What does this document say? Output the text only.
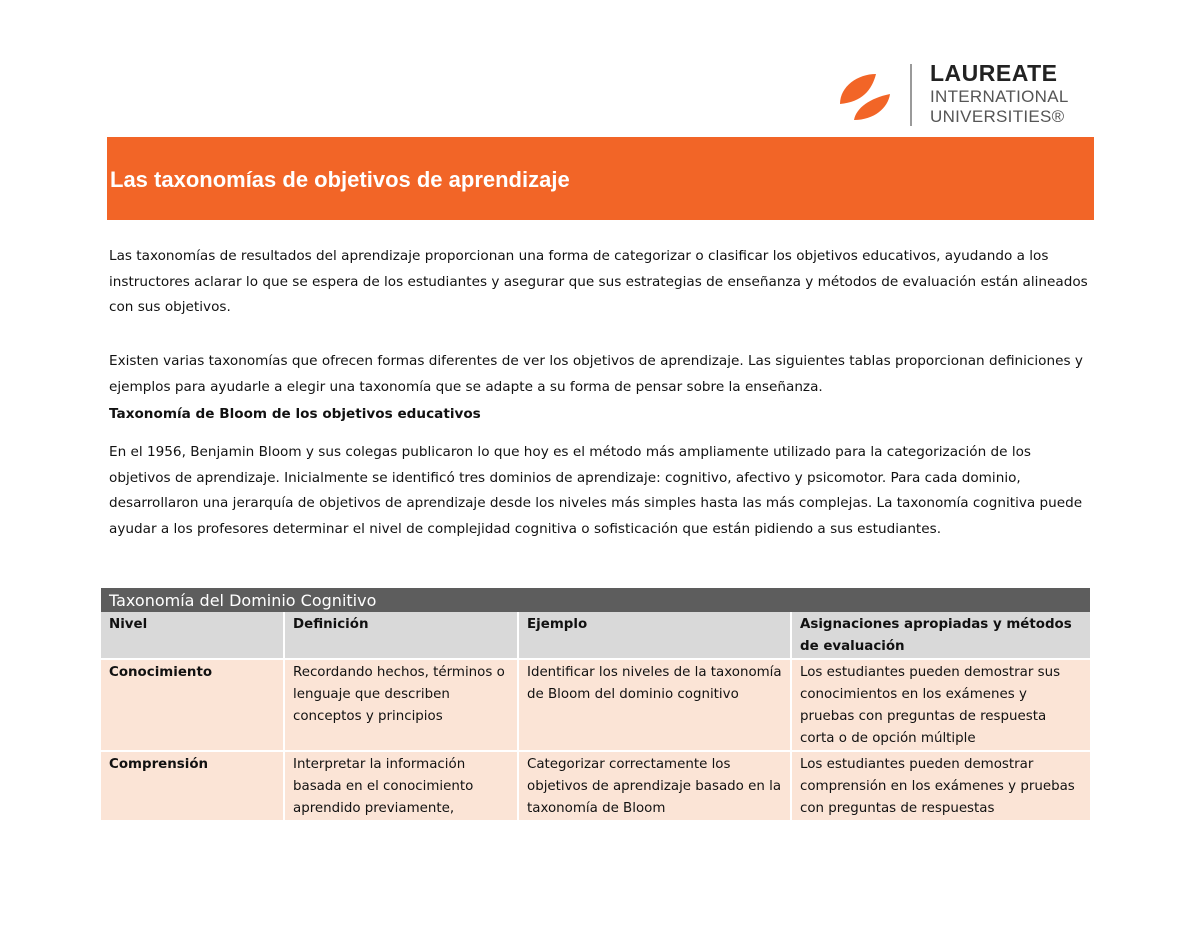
LAUREATE
INTERNATIONAL
UNIVERSITIES®
Las taxonomías de objetivos de aprendizaje

Las taxonomías de resultados del aprendizaje proporcionan una forma de categorizar o clasificar los objetivos educativos, ayudando a los instructores aclarar lo que se espera de los estudiantes y asegurar que sus estrategias de enseñanza y métodos de evaluación están alineados con sus objetivos.

Existen varias taxonomías que ofrecen formas diferentes de ver los objetivos de aprendizaje. Las siguientes tablas proporcionan definiciones y ejemplos para ayudarle a elegir una taxonomía que se adapte a su forma de pensar sobre la enseñanza.

Taxonomía de Bloom de los objetivos educativos

En el 1956, Benjamin Bloom y sus colegas publicaron lo que hoy es el método más ampliamente utilizado para la categorización de los objetivos de aprendizaje. Inicialmente se identificó tres dominios de aprendizaje: cognitivo, afectivo y psicomotor. Para cada dominio, desarrollaron una jerarquía de objetivos de aprendizaje desde los niveles más simples hasta las más complejas. La taxonomía cognitiva puede ayudar a los profesores determinar el nivel de complejidad cognitiva o sofisticación que están pidiendo a sus estudiantes.

Taxonomía del Dominio Cognitivo			
Nivel	Definición	Ejemplo	Asignaciones apropiadas y métodos de evaluación
Conocimiento	Recordando hechos, términos o lenguaje que describen conceptos y principios	Identificar los niveles de la taxonomía de Bloom del dominio cognitivo	Los estudiantes pueden demostrar sus conocimientos en los exámenes y pruebas con preguntas de respuesta corta o de opción múltiple
Comprensión	Interpretar la información basada en el conocimiento aprendido previamente,	Categorizar correctamente los objetivos de aprendizaje basado en la taxonomía de Bloom	Los estudiantes pueden demostrar comprensión en los exámenes y pruebas con preguntas de respuestas
